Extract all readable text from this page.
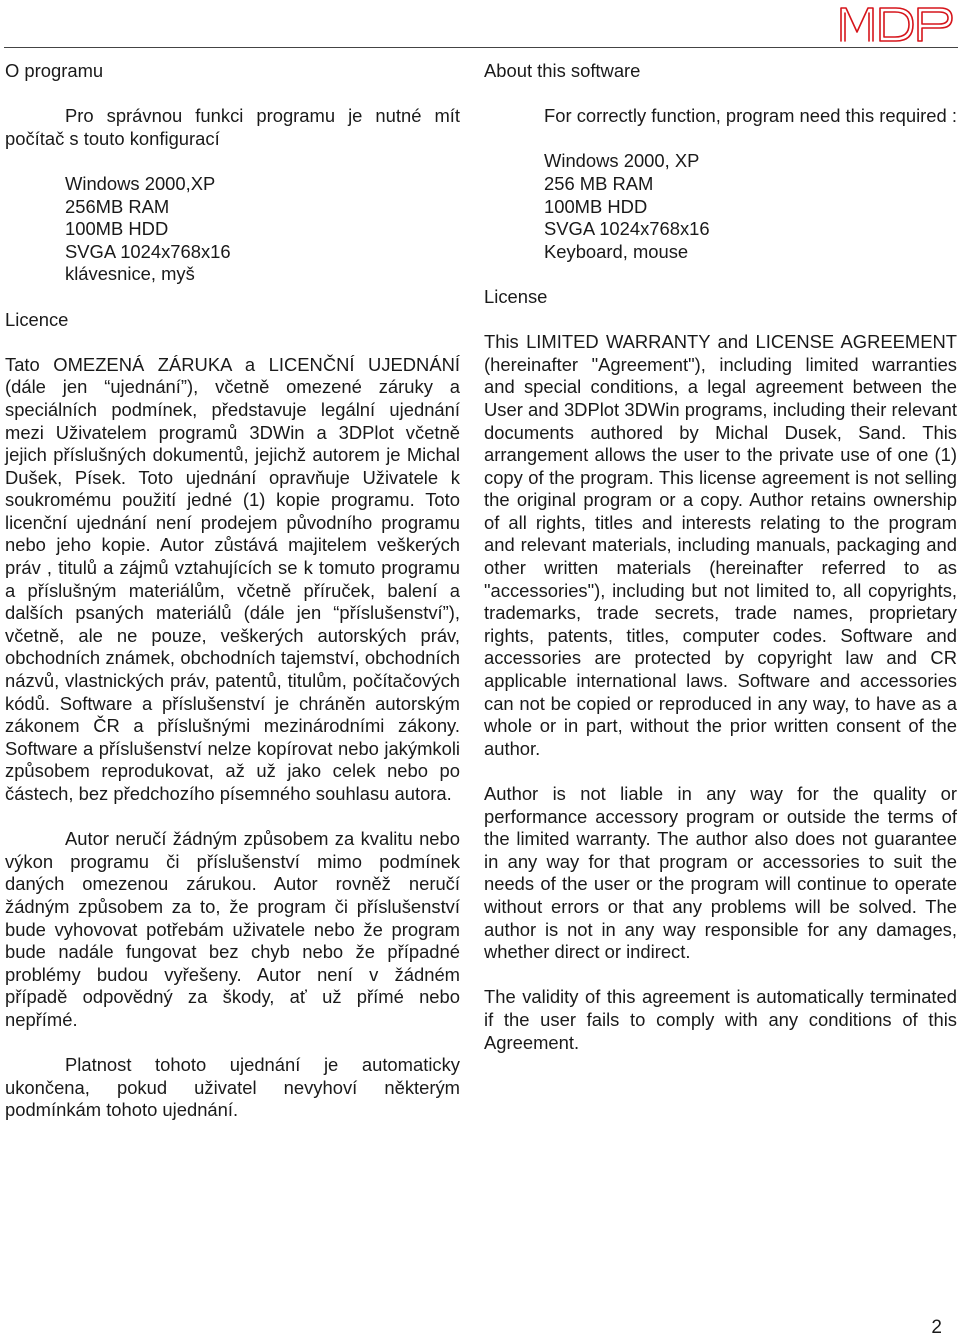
O programu

Pro správnou funkci programu je nutné mít počítač s touto konfigurací

Windows 2000,XP
256MB RAM
100MB HDD
SVGA 1024x768x16
klávesnice, myš

Licence

Tato OMEZENÁ ZÁRUKA a LICENČNÍ UJEDNÁNÍ (dále jen “ujednání”), včetně omezené záruky a speciálních podmínek, představuje legální ujednání mezi Uživatelem programů 3DWin a 3DPlot včetně jejich příslušných dokumentů, jejichž autorem je Michal Dušek, Písek. Toto ujednání opravňuje Uživatele k soukromému použití jedné (1) kopie programu. Toto licenční ujednání není prodejem původního programu nebo jeho kopie. Autor zůstává majitelem veškerých práv , titulů a zájmů vztahujících se k tomuto programu a příslušným materiálům, včetně příruček, balení a dalších psaných materiálů (dále jen “příslušenství”), včetně, ale ne pouze, veškerých autorských práv, obchodních známek, obchodních tajemství, obchodních názvů, vlastnických práv, patentů, titulům, počítačových kódů. Software a příslušenství je chráněn autorským zákonem ČR a příslušnými mezinárodními zákony. Software a příslušenství nelze kopírovat nebo jakýmkoli způsobem reprodukovat, až už jako celek nebo po částech, bez předchozího písemného souhlasu autora.

Autor neručí žádným způsobem za kvalitu nebo výkon programu či příslušenství mimo podmínek daných omezenou zárukou. Autor rovněž neručí žádným způsobem za to, že program či příslušenství bude vyhovovat potřebám uživatele nebo že program bude nadále fungovat bez chyb nebo že případné problémy budou vyřešeny. Autor není v žádném případě odpovědný za škody, ať už přímé nebo nepřímé.

Platnost tohoto ujednání je automaticky ukončena, pokud uživatel nevyhoví některým podmínkám tohoto ujednání.

About this software

For correctly function, program need this required :

Windows 2000, XP
256 MB RAM
100MB HDD
SVGA 1024x768x16
Keyboard, mouse

License

This LIMITED WARRANTY and LICENSE AGREEMENT (hereinafter "Agreement"), including limited warranties and special conditions, a legal agreement between the User and 3DPlot 3DWin programs, including their relevant documents authored by Michal Dusek, Sand. This arrangement allows the user to the private use of one (1) copy of the program. This license agreement is not selling the original program or a copy. Author retains ownership of all rights, titles and interests relating to the program and relevant materials, including manuals, packaging and other written materials (hereinafter referred to as "accessories"), including but not limited to, all copyrights, trademarks, trade secrets, trade names, proprietary rights, patents, titles, computer codes. Software and accessories are protected by copyright law and CR applicable international laws. Software and accessories can not be copied or reproduced in any way, to have as a whole or in part, without the prior written consent of the author.

Author is not liable in any way for the quality or performance accessory program or outside the terms of the limited warranty. The author also does not guarantee in any way for that program or accessories to suit the needs of the user or the program will continue to operate without errors or that any problems will be solved. The author is not in any way responsible for any damages, whether direct or indirect.

The validity of this agreement is automatically terminated if the user fails to comply with any conditions of this Agreement.

2
